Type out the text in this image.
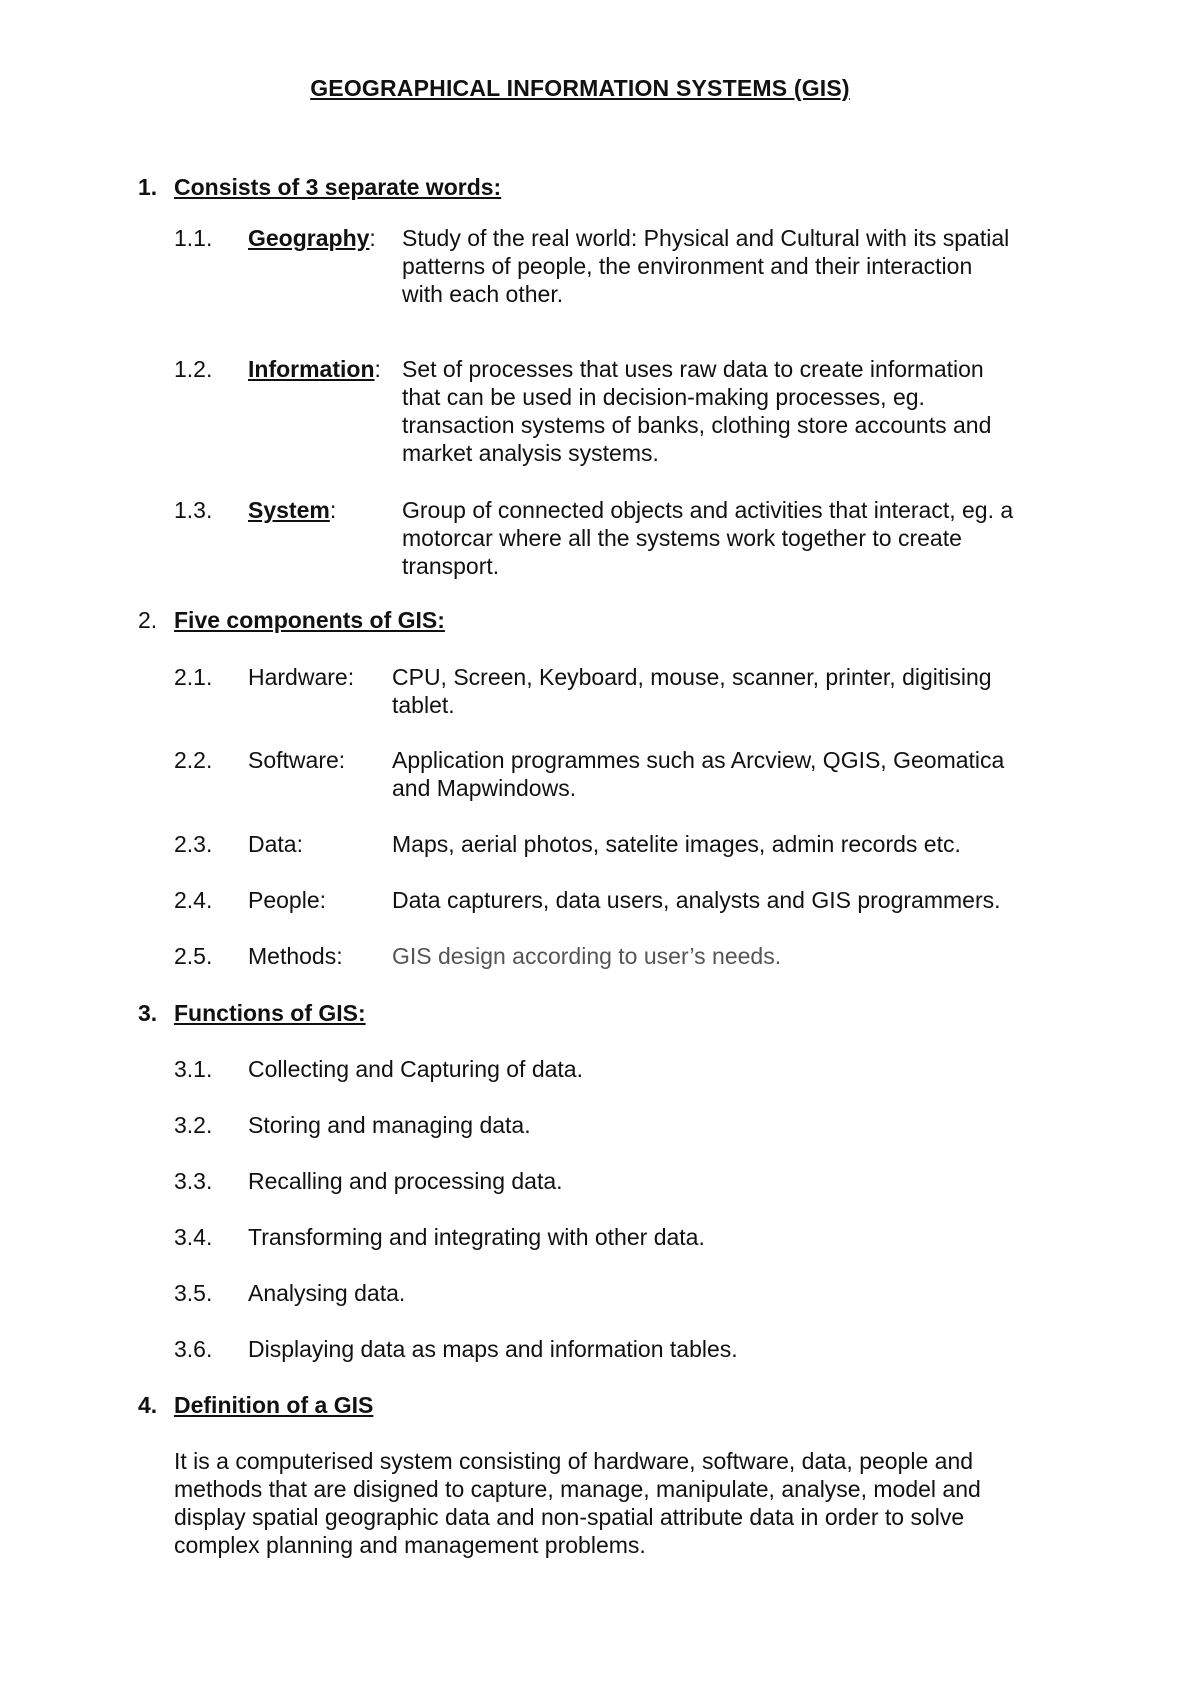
GEOGRAPHICAL INFORMATION SYSTEMS (GIS)
1. Consists of 3 separate words:
1.1. Geography: Study of the real world: Physical and Cultural with its spatial
patterns of people, the environment and their interaction
with each other.
1.2. Information: Set of processes that uses raw data to create information
that can be used in decision-making processes, eg.
transaction systems of banks, clothing store accounts and
market analysis systems.
1.3. System:	Group of connected objects and activities that interact, eg. a
motorcar where all the systems work together to create
transport.
2. Five components of GIS:
2.1. Hardware: CPU, Screen, Keyboard, mouse, scanner, printer, digitising
tablet.
2.2. Software: Application programmes such as Arcview, QGIS, Geomatica
and Mapwindows.
2.3. Data:	Maps, aerial photos, satelite images, admin records etc.
2.4. People:	Data capturers, data users, analysts and GIS programmers.
2.5. Methods: GIS design according to user’s needs.
3. Functions of GIS:
3.1. Collecting and Capturing of data.
3.2. Storing and managing data.
3.3. Recalling and processing data.
3.4. Transforming and integrating with other data.
3.5. Analysing data.
3.6. Displaying data as maps and information tables.
4. Definition of a GIS
It is a computerised system consisting of hardware, software, data, people and
methods that are disigned to capture, manage, manipulate, analyse, model and
display spatial geographic data and non-spatial attribute data in order to solve
complex planning and management problems.
